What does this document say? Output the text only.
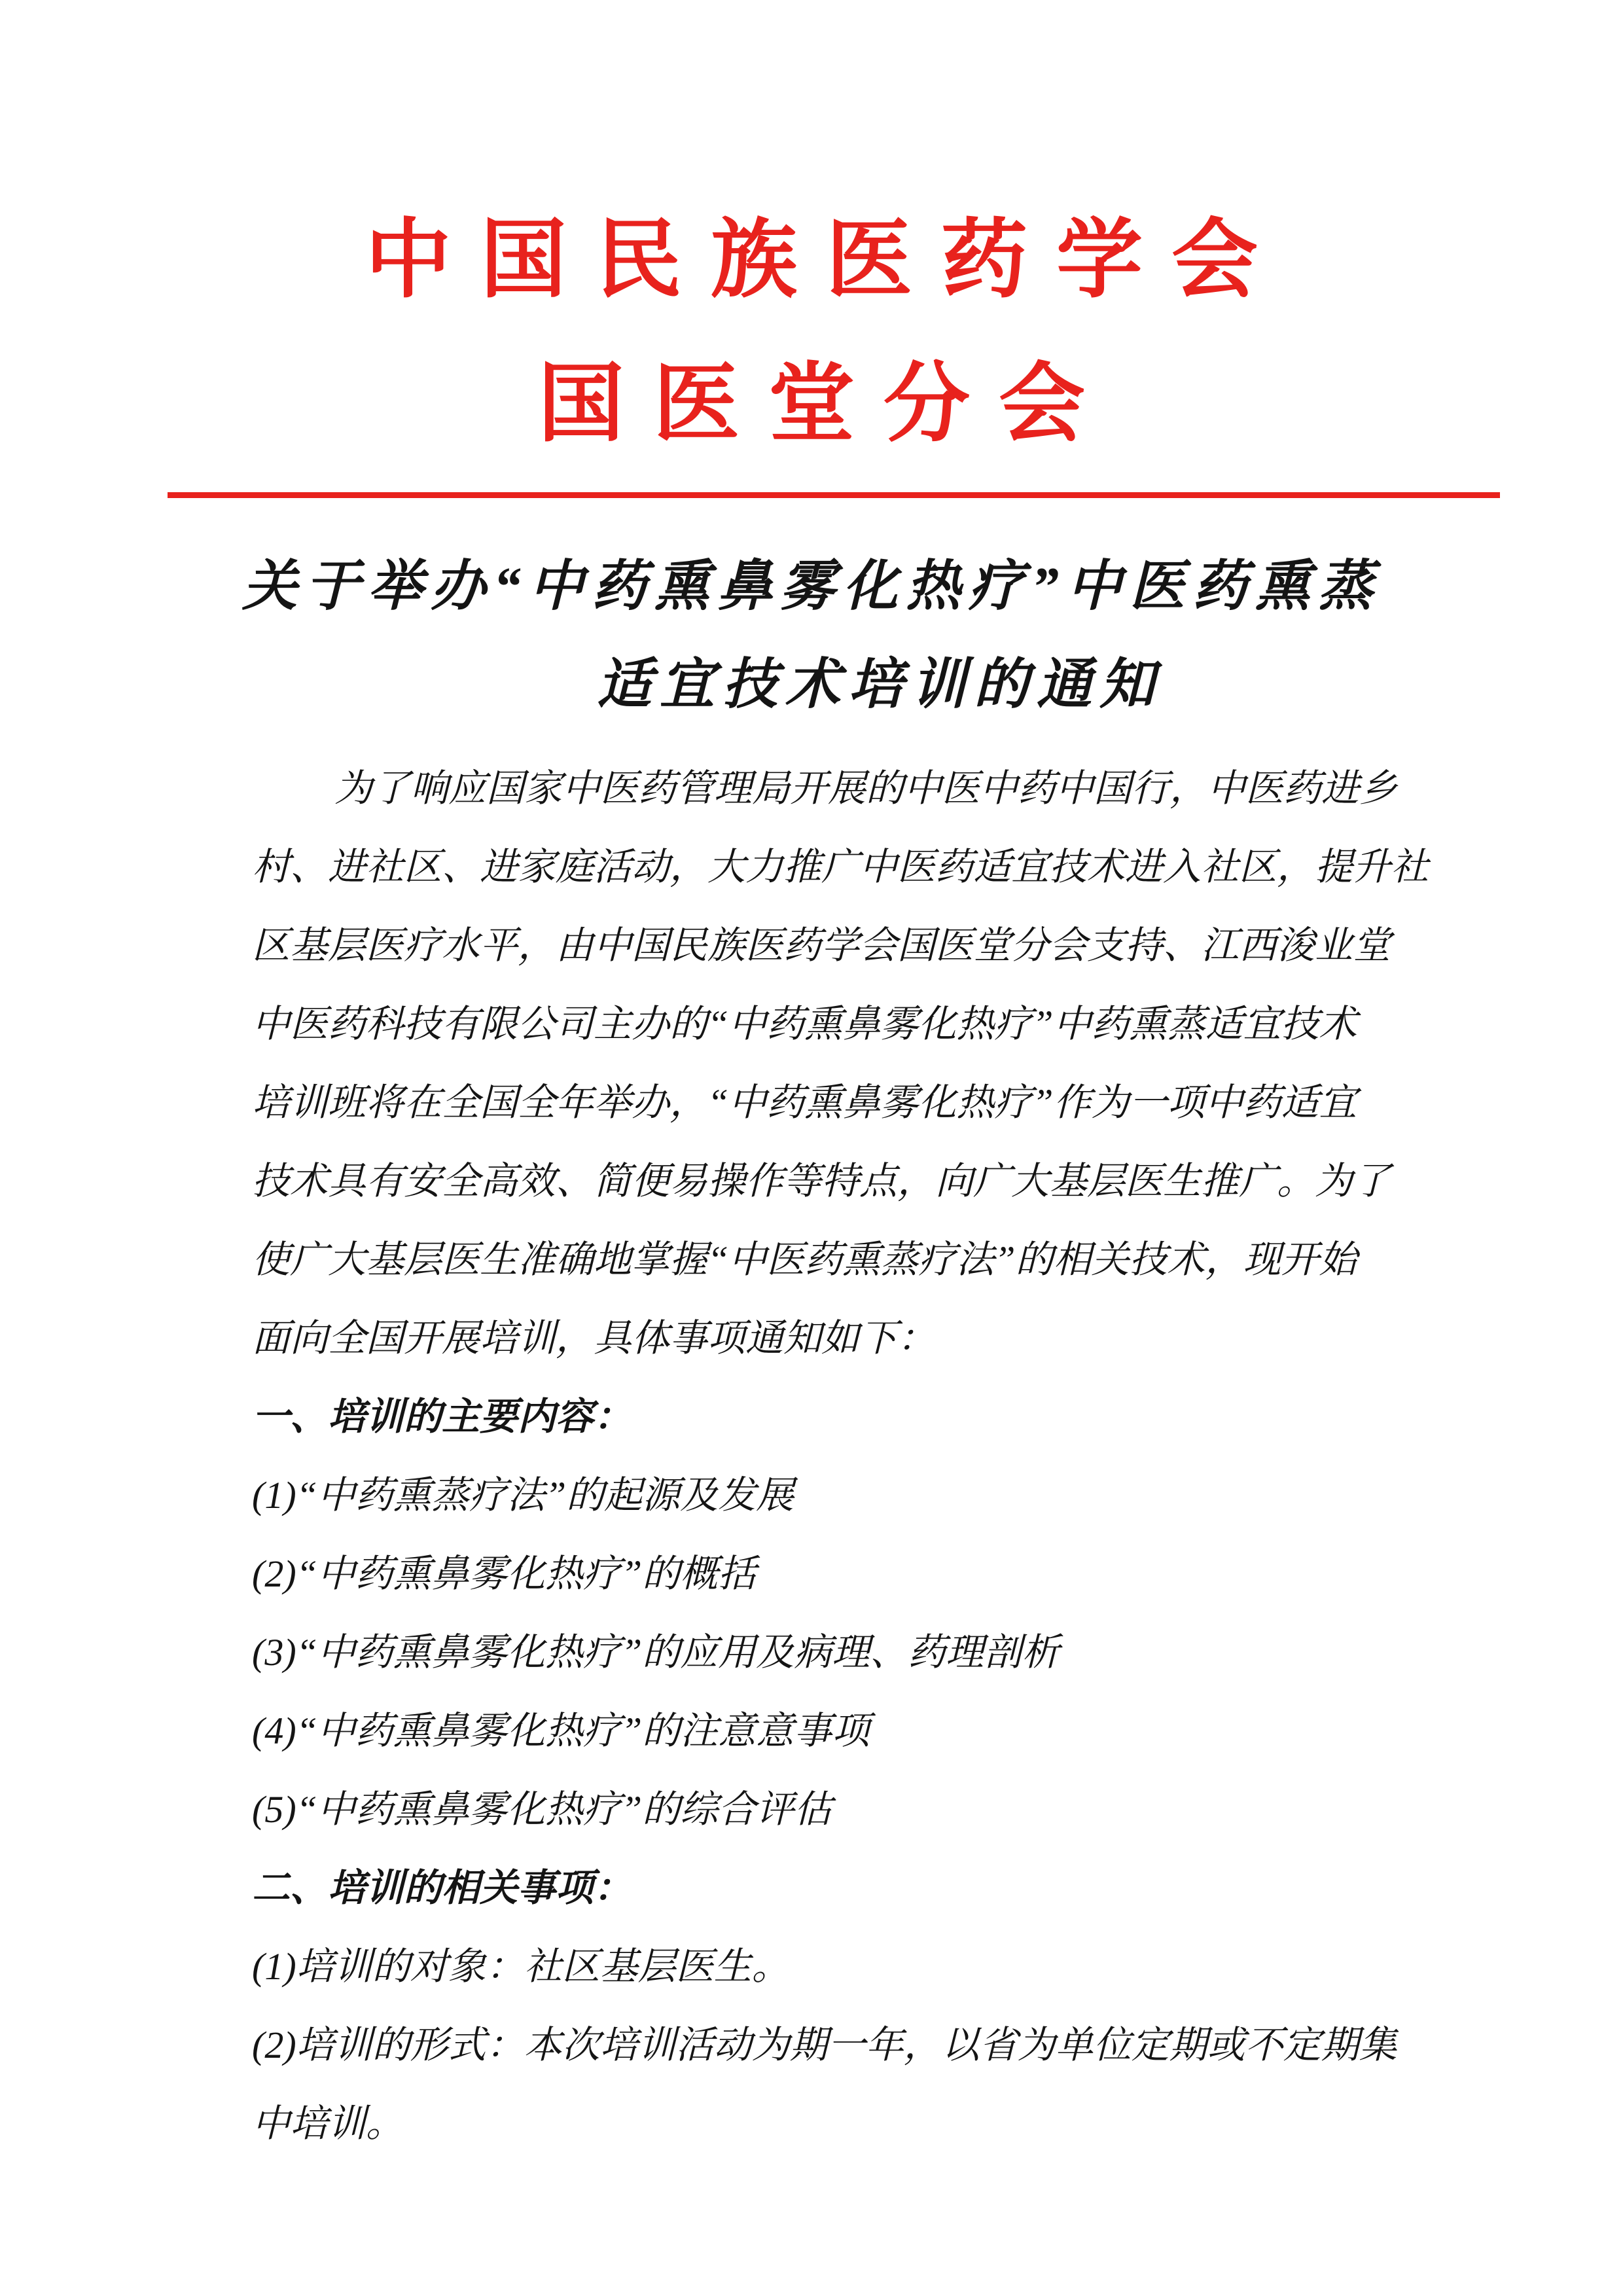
中国民族医药学会
国医堂分会
关于举办“中药熏鼻雾化热疗”中医药熏蒸
适宜技术培训的通知
为了响应国家中医药管理局开展的中医中药中国行，中医药进乡
村、进社区、进家庭活动，大力推广中医药适宜技术进入社区，提升社
区基层医疗水平，由中国民族医药学会国医堂分会支持、江西浚业堂
中医药科技有限公司主办的“中药熏鼻雾化热疗”中药熏蒸适宜技术
培训班将在全国全年举办，“中药熏鼻雾化热疗”作为一项中药适宜
技术具有安全高效、简便易操作等特点，向广大基层医生推广。为了
使广大基层医生准确地掌握“中医药熏蒸疗法”的相关技术，现开始
面向全国开展培训，具体事项通知如下：
一、培训的主要内容：
(1)“中药熏蒸疗法”的起源及发展
(2)“中药熏鼻雾化热疗”的概括
(3)“中药熏鼻雾化热疗”的应用及病理、药理剖析
(4)“中药熏鼻雾化热疗”的注意意事项
(5)“中药熏鼻雾化热疗”的综合评估
二、培训的相关事项：
(1)培训的对象：社区基层医生。
(2)培训的形式：本次培训活动为期一年，以省为单位定期或不定期集
中培训。
